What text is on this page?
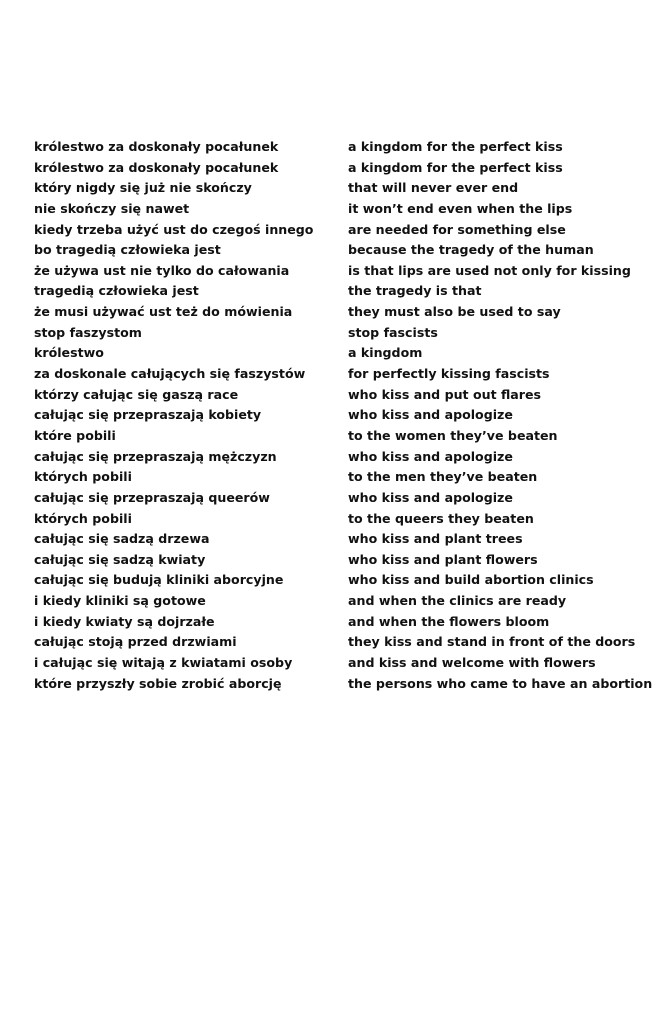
królestwo za doskonały pocałunek
królestwo za doskonały pocałunek
który nigdy się już nie skończy
nie skończy się nawet
kiedy trzeba użyć ust do czegoś innego
bo tragedią człowieka jest
że używa ust nie tylko do całowania
tragedią człowieka jest
że musi używać ust też do mówienia
stop faszystom
królestwo
za doskonale całujących się faszystów
którzy całując się gaszą race
całując się przepraszają kobiety
które pobili
całując się przepraszają mężczyzn
których pobili
całując się przepraszają queerów
których pobili
całując się sadzą drzewa
całując się sadzą kwiaty
całując się budują kliniki aborcyjne
i kiedy kliniki są gotowe
i kiedy kwiaty są dojrzałe
całując stoją przed drzwiami
i całując się witają z kwiatami osoby
które przyszły sobie zrobić aborcję
a kingdom for the perfect kiss
a kingdom for the perfect kiss
that will never ever end
it won’t end even when the lips
are needed for something else
because the tragedy of the human
is that lips are used not only for kissing
the tragedy is that
they must also be used to say
stop fascists
a kingdom
for perfectly kissing fascists
who kiss and put out flares
who kiss and apologize
to the women they’ve beaten
who kiss and apologize
to the men they’ve beaten
who kiss and apologize
to the queers they beaten
who kiss and plant trees
who kiss and plant flowers
who kiss and build abortion clinics
and when the clinics are ready
and when the flowers bloom
they kiss and stand in front of the doors
and kiss and welcome with flowers
the persons who came to have an abortion
